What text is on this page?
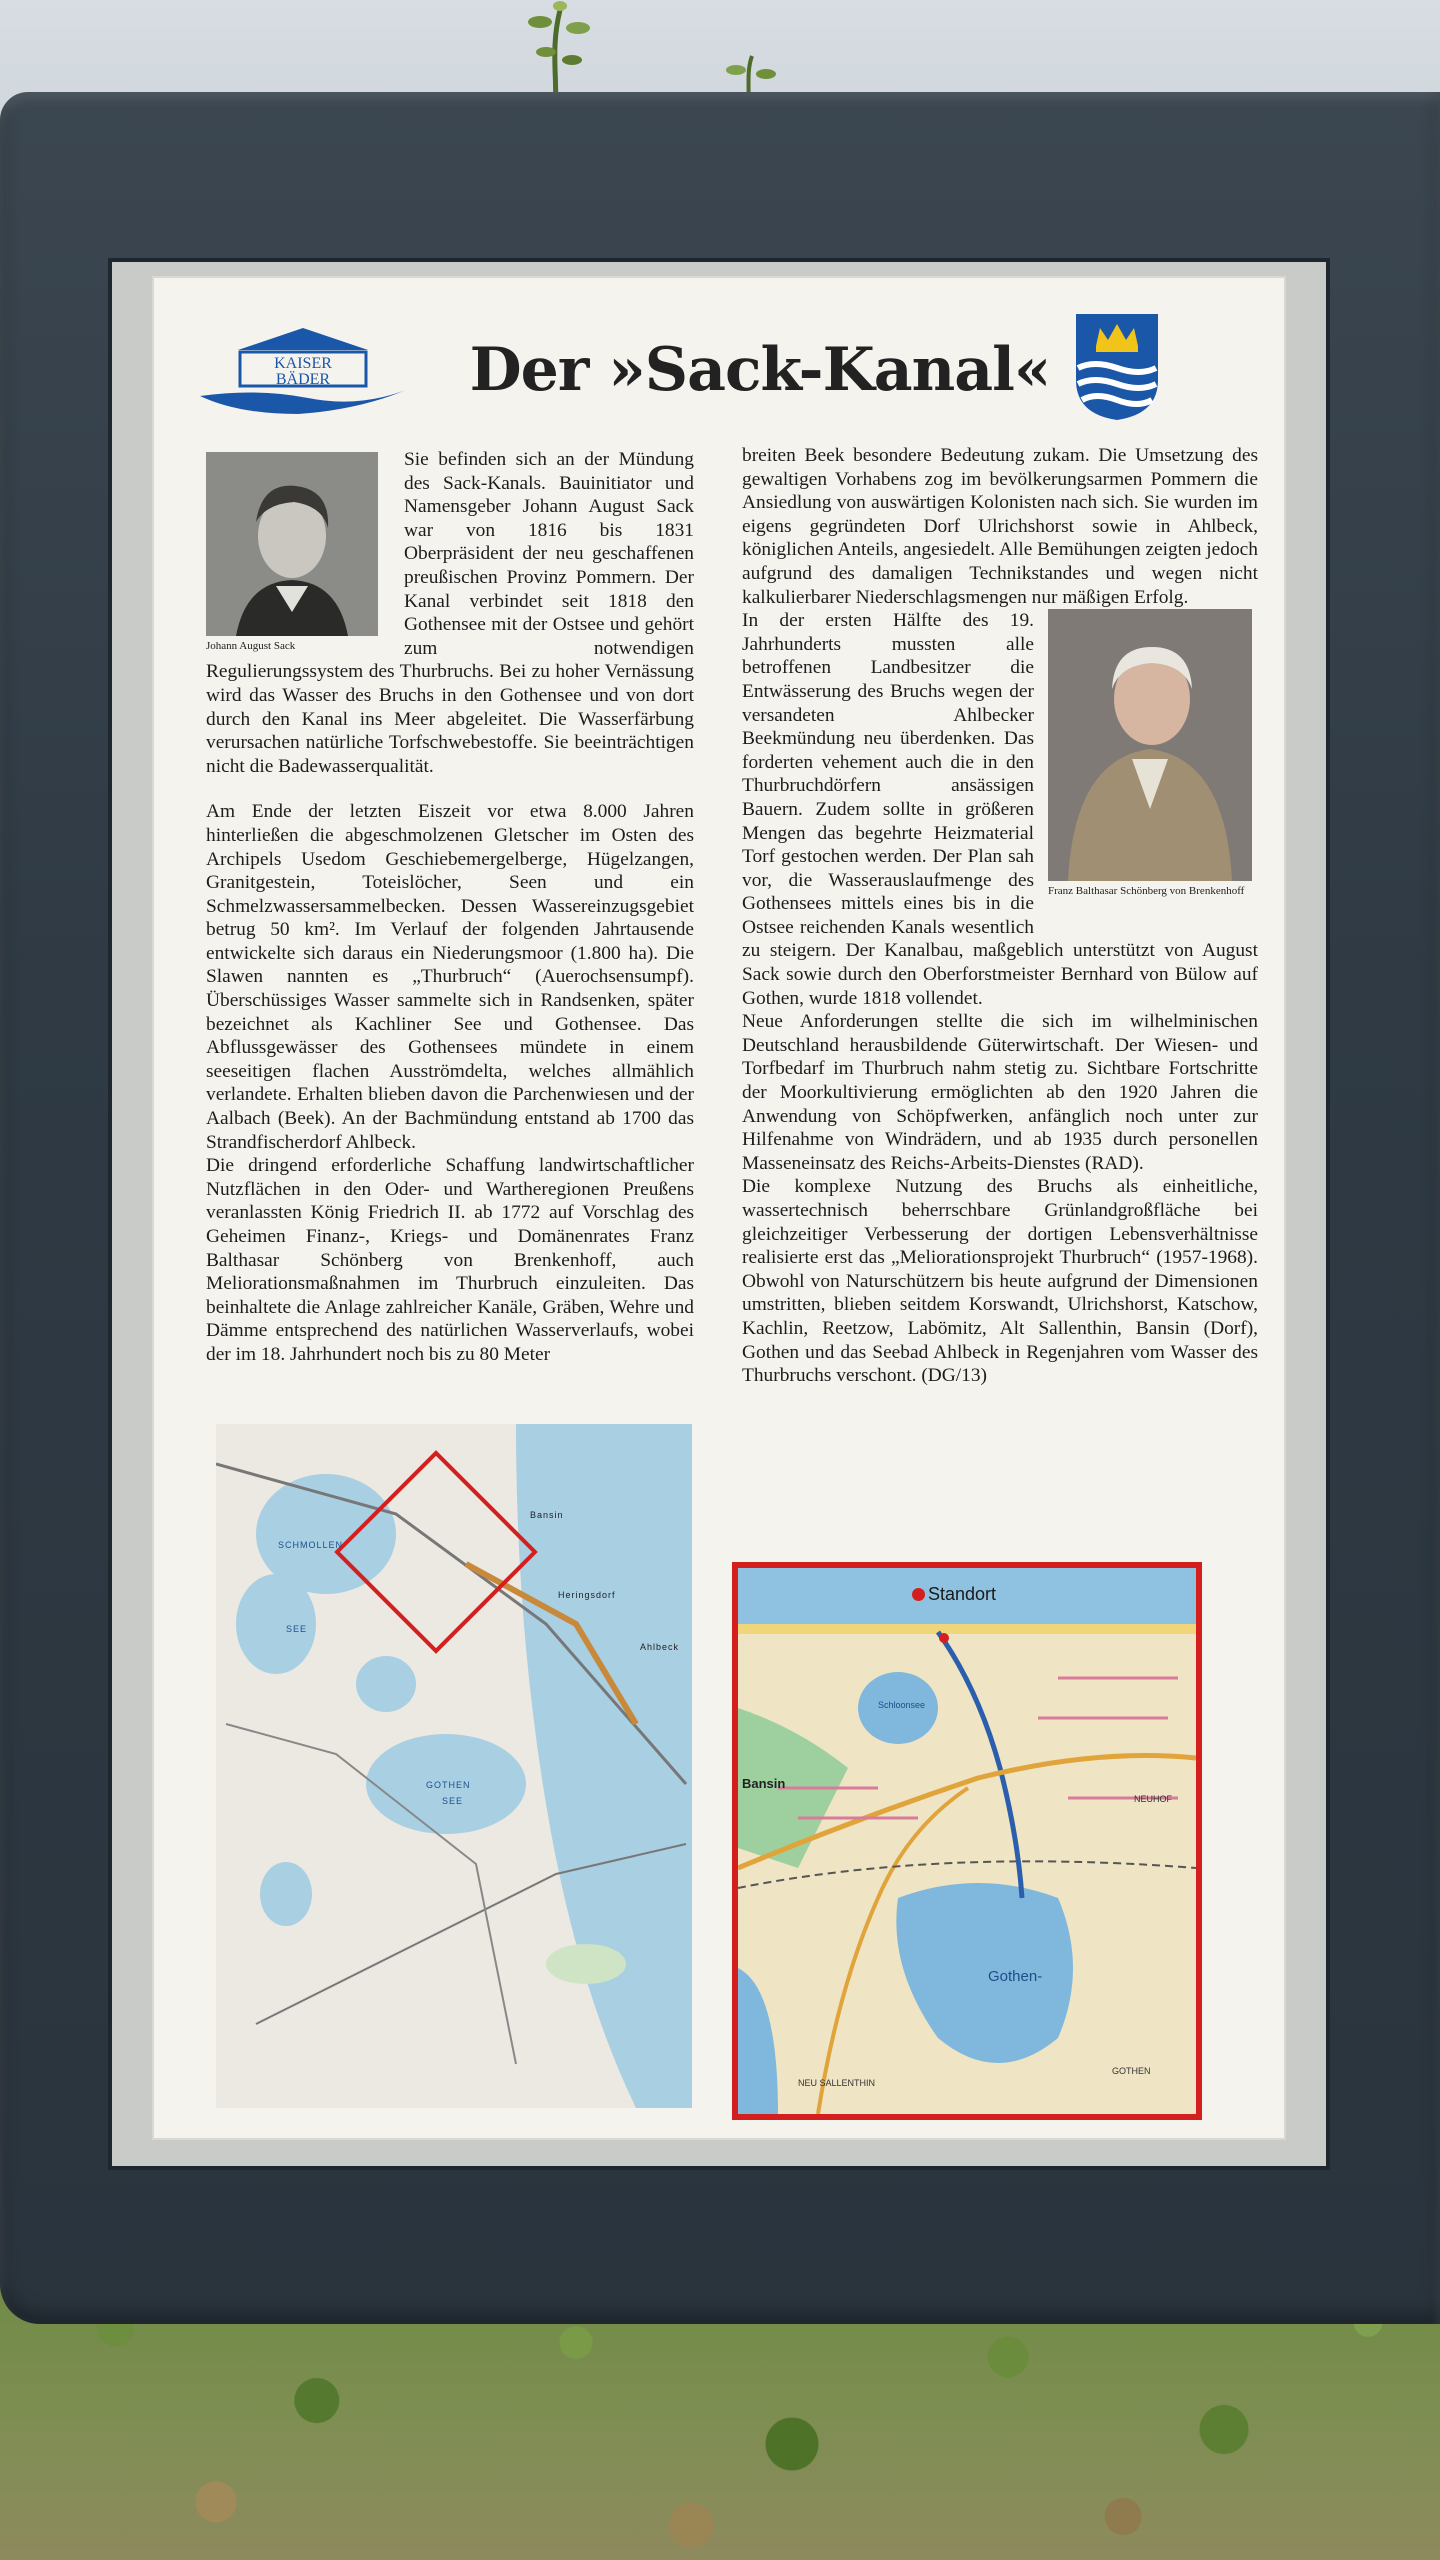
KAISER
BÄDER	Der »Sack-Kanal«
Johann August Sack

Sie befinden sich an der Mündung des Sack-Kanals. Bauinitiator und Namensgeber Johann August Sack war von 1816 bis 1831 Oberpräsident der neu geschaffenen preußischen Provinz Pommern. Der Kanal verbindet seit 1818 den Gothensee mit der Ostsee und gehört zum notwendigen Regulierungssystem des Thurbruchs. Bei zu hoher Vernässung wird das Wasser des Bruchs in den Gothensee und von dort durch den Kanal ins Meer abgeleitet. Die Wasserfärbung verursachen natürliche Torfschwebestoffe. Sie beeinträchtigen nicht die Badewasserqualität.

Am Ende der letzten Eiszeit vor etwa 8.000 Jahren hinterließen die abgeschmolzenen Gletscher im Osten des Archipels Usedom Geschiebemergelberge, Hügelzangen, Granitgestein, Toteislöcher, Seen und ein Schmelzwassersammelbecken. Dessen Wassereinzugsgebiet betrug 50 km². Im Verlauf der folgenden Jahrtausende entwickelte sich daraus ein Niederungsmoor (1.800 ha). Die Slawen nannten es „Thurbruch“ (Auerochsensumpf). Überschüssiges Wasser sammelte sich in Randsenken, später bezeichnet als Kachliner See und Gothensee. Das Abflussgewässer des Gothensees mündete in einem seeseitigen flachen Ausströmdelta, welches allmählich verlandete. Erhalten blieben davon die Parchenwiesen und der Aalbach (Beek). An der Bachmündung entstand ab 1700 das Strandfischerdorf Ahlbeck.

Die dringend erforderliche Schaffung landwirtschaftlicher Nutzflächen in den Oder- und Wartheregionen Preußens veranlassten König Friedrich II. ab 1772 auf Vorschlag des Geheimen Finanz-, Kriegs- und Domänenrates Franz Balthasar Schönberg von Brenkenhoff, auch Meliorationsmaßnahmen im Thurbruch einzuleiten. Das beinhaltete die Anlage zahlreicher Kanäle, Gräben, Wehre und Dämme entsprechend des natürlichen Wasserverlaufs, wobei der im 18. Jahrhundert noch bis zu 80 Meter

breiten Beek besondere Bedeutung zukam. Die Umsetzung des gewaltigen Vorhabens zog im bevölkerungsarmen Pommern die Ansiedlung von auswärtigen Kolonisten nach sich. Sie wurden im eigens gegründeten Dorf Ulrichshorst sowie in Ahlbeck, königlichen Anteils, angesiedelt. Alle Bemühungen zeigten jedoch aufgrund des damaligen Technikstandes und wegen nicht kalkulierbarer Niederschlagsmengen nur mäßigen Erfolg.

Franz Balthasar Schönberg von Brenkenhoff

In der ersten Hälfte des 19. Jahrhunderts mussten alle betroffenen Landbesitzer die Entwässerung des Bruchs wegen der versandeten Ahlbecker Beekmündung neu überdenken. Das forderten vehement auch die in den Thurbruchdörfern ansässigen Bauern. Zudem sollte in größeren Mengen das begehrte Heizmaterial Torf gestochen werden. Der Plan sah vor, die Wasserauslaufmenge des Gothensees mittels eines bis in die Ostsee reichenden Kanals wesentlich zu steigern. Der Kanalbau, maßgeblich unterstützt von August Sack sowie durch den Oberforstmeister Bernhard von Bülow auf Gothen, wurde 1818 vollendet.

Neue Anforderungen stellte die sich im wilhelminischen Deutschland herausbildende Güterwirtschaft. Der Wiesen- und Torfbedarf im Thurbruch nahm stetig zu. Sichtbare Fortschritte der Moorkultivierung ermöglichten ab den 1920 Jahren die Anwendung von Schöpfwerken, anfänglich noch unter zur Hilfenahme von Windrädern, und ab 1935 durch personellen Masseneinsatz des Reichs-Arbeits-Dienstes (RAD).

Die komplexe Nutzung des Bruchs als einheitliche, wassertechnisch beherrschbare Grünlandgroßfläche bei gleichzeitiger Verbesserung der dortigen Lebensverhältnisse realisierte erst das „Meliorationsprojekt Thurbruch“ (1957-1968). Obwohl von Naturschützern bis heute aufgrund der Dimensionen umstritten, blieben seitdem Korswandt, Ulrichshorst, Katschow, Kachlin, Reetzow, Labömitz, Alt Sallenthin, Bansin (Dorf), Gothen und das Seebad Ahlbeck in Regenjahren vom Wasser des Thurbruchs verschont. (DG/13)

SCHMOLLEN
SEE
GOTHEN
SEE
Bansin
Heringsdorf
Ahlbeck
Standort
Schloonsee
Gothen-
Bansin
NEUHOF
GOTHEN
NEU SALLENTHIN
